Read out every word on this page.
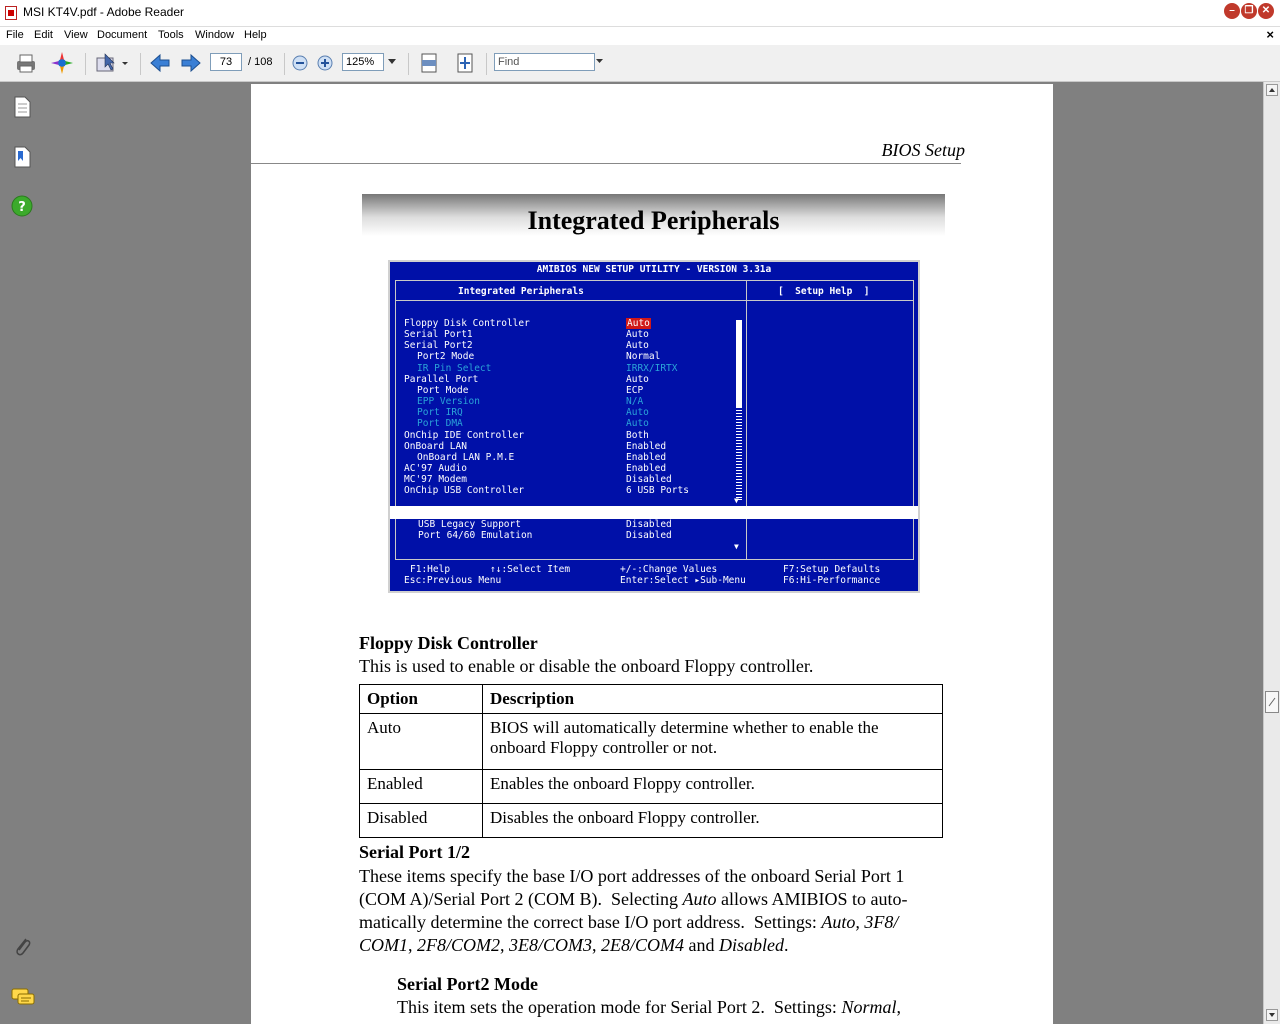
MSI KT4V.pdf - Adobe Reader	– ❐ ✕
File Edit View Document Tools Window Help	×
73	/ 108	125%	Find
?
BIOS Setup
Integrated Peripherals
AMIBIOS NEW SETUP UTILITY - VERSION 3.31a
Integrated Peripherals	[  Setup Help  ]
Floppy Disk Controller	Auto
Serial Port1	Auto
Serial Port2	Auto
Port2 Mode	Normal
IR Pin Select	IRRX/IRTX
Parallel Port	Auto
Port Mode	ECP
EPP Version	N/A
Port IRQ	Auto
Port DMA	Auto
OnChip IDE Controller	Both
OnBoard LAN	Enabled
OnBoard LAN P.M.E	Enabled
AC'97 Audio	Enabled
MC'97 Modem	Disabled
OnChip USB Controller	6 USB Ports
▼
USB Legacy Support	Disabled
Port 64/60 Emulation	Disabled
▼
F1:Help	↑↓:Select Item	+/-:Change Values	F7:Setup Defaults
Esc:Previous Menu	Enter:Select ▸Sub-Menu	F6:Hi-Performance
Floppy Disk Controller
This is used to enable or disable the onboard Floppy controller.
Option	Description
Auto	BIOS will automatically determine whether to enable the onboard Floppy controller or not.
Enabled	Enables the onboard Floppy controller.
Disabled	Disables the onboard Floppy controller.
Serial Port 1/2
These items specify the base I/O port addresses of the onboard Serial Port 1
(COM A)/Serial Port 2 (COM B).  Selecting Auto allows AMIBIOS to auto-
matically determine the correct base I/O port address.  Settings: Auto, 3F8/
COM1, 2F8/COM2, 3E8/COM3, 2E8/COM4 and Disabled.
Serial Port2 Mode
This item sets the operation mode for Serial Port 2.  Settings: Normal,
